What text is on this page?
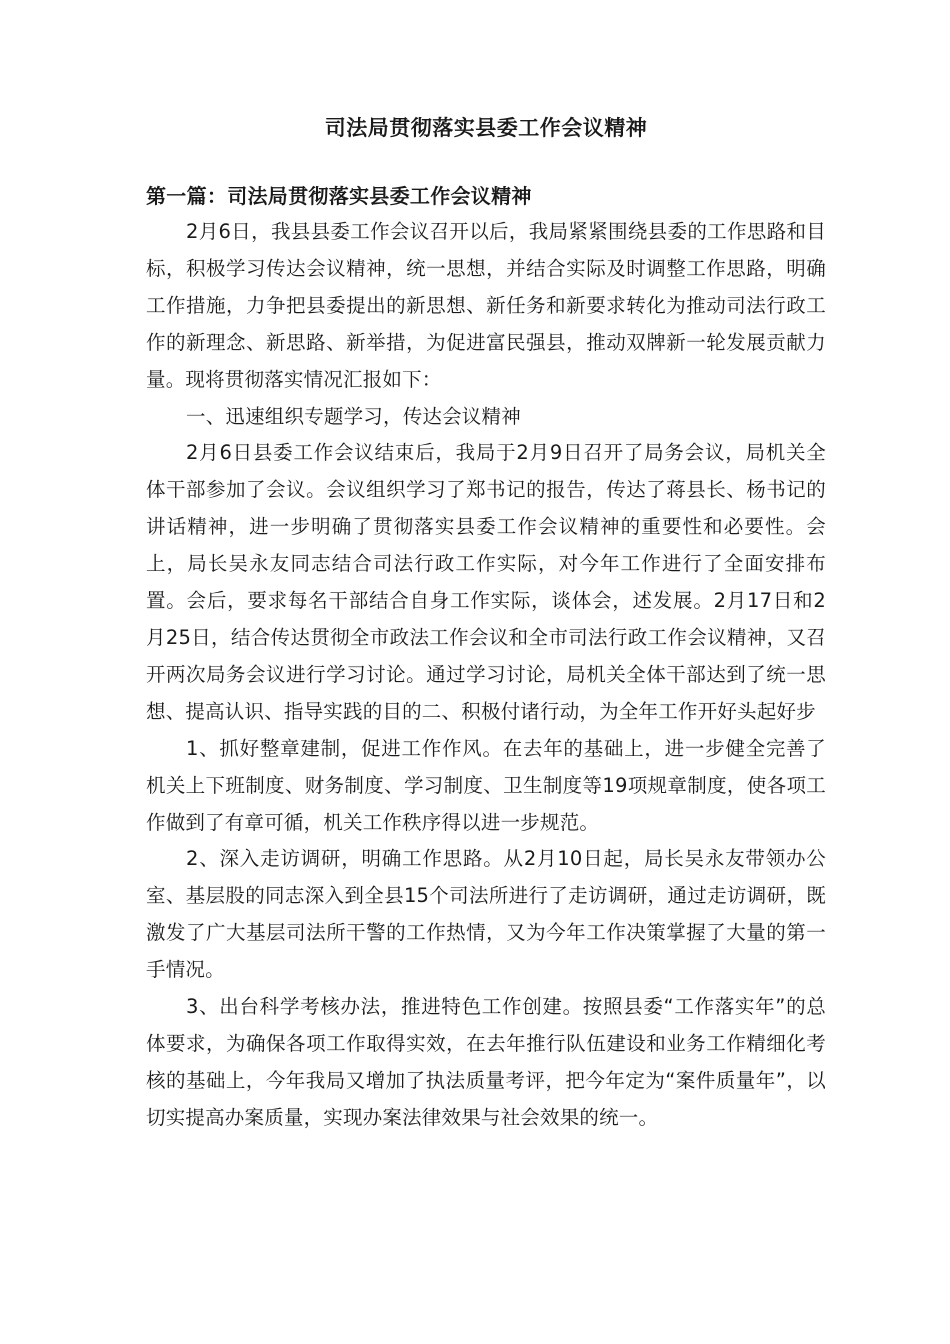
司法局贯彻落实县委工作会议精神
第一篇：司法局贯彻落实县委工作会议精神

2月6日，我县县委工作会议召开以后，我局紧紧围绕县委的工作思路和目标，积极学习传达会议精神，统一思想，并结合实际及时调整工作思路，明确工作措施，力争把县委提出的新思想、新任务和新要求转化为推动司法行政工作的新理念、新思路、新举措，为促进富民强县，推动双牌新一轮发展贡献力量。现将贯彻落实情况汇报如下：

一、迅速组织专题学习，传达会议精神

2月6日县委工作会议结束后，我局于2月9日召开了局务会议，局机关全体干部参加了会议。会议组织学习了郑书记的报告，传达了蒋县长、杨书记的讲话精神，进一步明确了贯彻落实县委工作会议精神的重要性和必要性。会上，局长吴永友同志结合司法行政工作实际，对今年工作进行了全面安排布置。会后，要求每名干部结合自身工作实际，谈体会，述发展。2月17日和2月25日，结合传达贯彻全市政法工作会议和全市司法行政工作会议精神，又召开两次局务会议进行学习讨论。通过学习讨论，局机关全体干部达到了统一思想、提高认识、指导实践的目的二、积极付诸行动，为全年工作开好头起好步

1、抓好整章建制，促进工作作风。在去年的基础上，进一步健全完善了机关上下班制度、财务制度、学习制度、卫生制度等19项规章制度，使各项工作做到了有章可循，机关工作秩序得以进一步规范。

2、深入走访调研，明确工作思路。从2月10日起，局长吴永友带领办公室、基层股的同志深入到全县15个司法所进行了走访调研，通过走访调研，既激发了广大基层司法所干警的工作热情，又为今年工作决策掌握了大量的第一手情况。

3、出台科学考核办法，推进特色工作创建。按照县委“工作落实年”的总体要求，为确保各项工作取得实效，在去年推行队伍建设和业务工作精细化考核的基础上，今年我局又增加了执法质量考评，把今年定为“案件质量年”，以切实提高办案质量，实现办案法律效果与社会效果的统一。
